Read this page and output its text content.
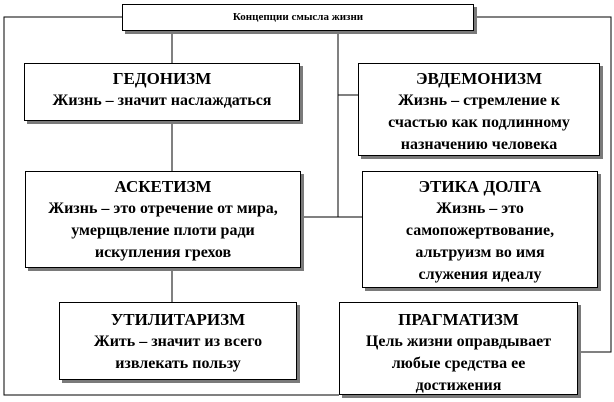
Концепции смысла жизни
ГЕДОНИЗМ
Жизнь – значит наслаждаться
ЭВДЕМОНИЗМ
Жизнь – стремление к
счастью как подлинному
назначению человека
АСКЕТИЗМ
Жизнь – это отречение от мира,
умерщвление плоти ради
искупления грехов
ЭТИКА ДОЛГА
Жизнь – это
самопожертвование,
альтруизм во имя
служения идеалу
УТИЛИТАРИЗМ
Жить – значит из всего
извлекать пользу
ПРАГМАТИЗМ
Цель жизни оправдывает
любые средства ее
достижения
